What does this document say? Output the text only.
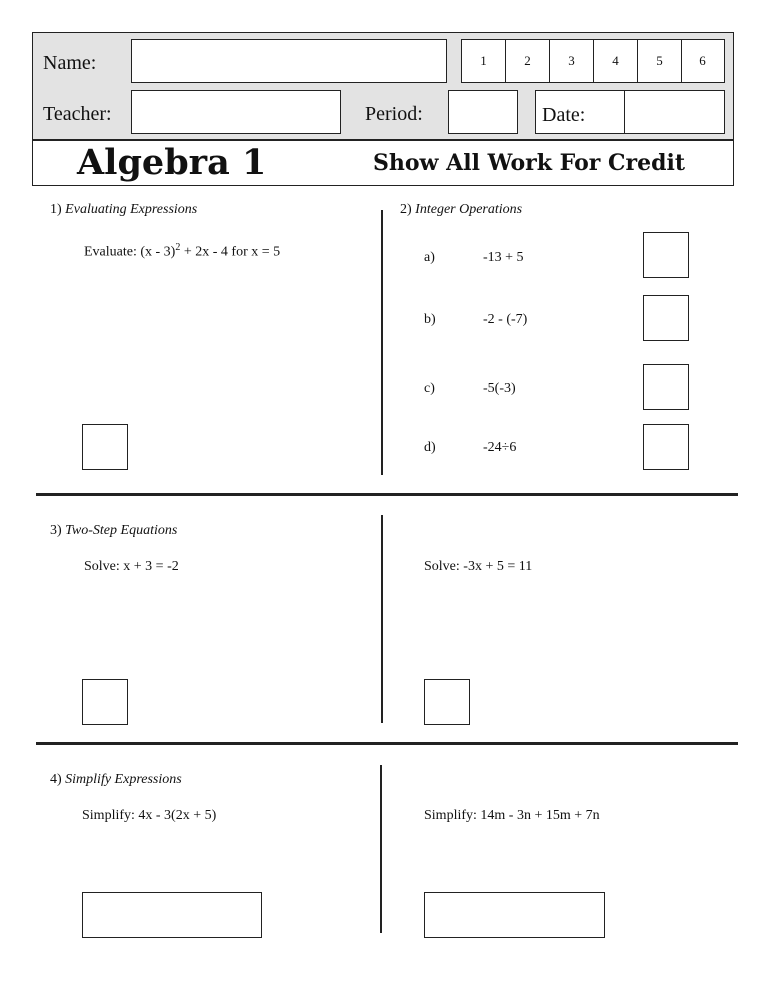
Name:	1	2	3	4	5	6
Teacher:	Period:	Date:
Algebra 1	Show All Work For Credit
1) Evaluating Expressions
Evaluate: (x - 3)$^2$ + 2x - 4 for x = 5
2) Integer Operations
a)	-13 + 5
b)	-2 - (-7)
c)	-5(-3)
d)	-24÷6
3) Two-Step Equations
Solve: x + 3 = -2	Solve: -3x + 5 = 11
4) Simplify Expressions
Simplify: 4x - 3(2x + 5)	Simplify: 14m - 3n + 15m + 7n
